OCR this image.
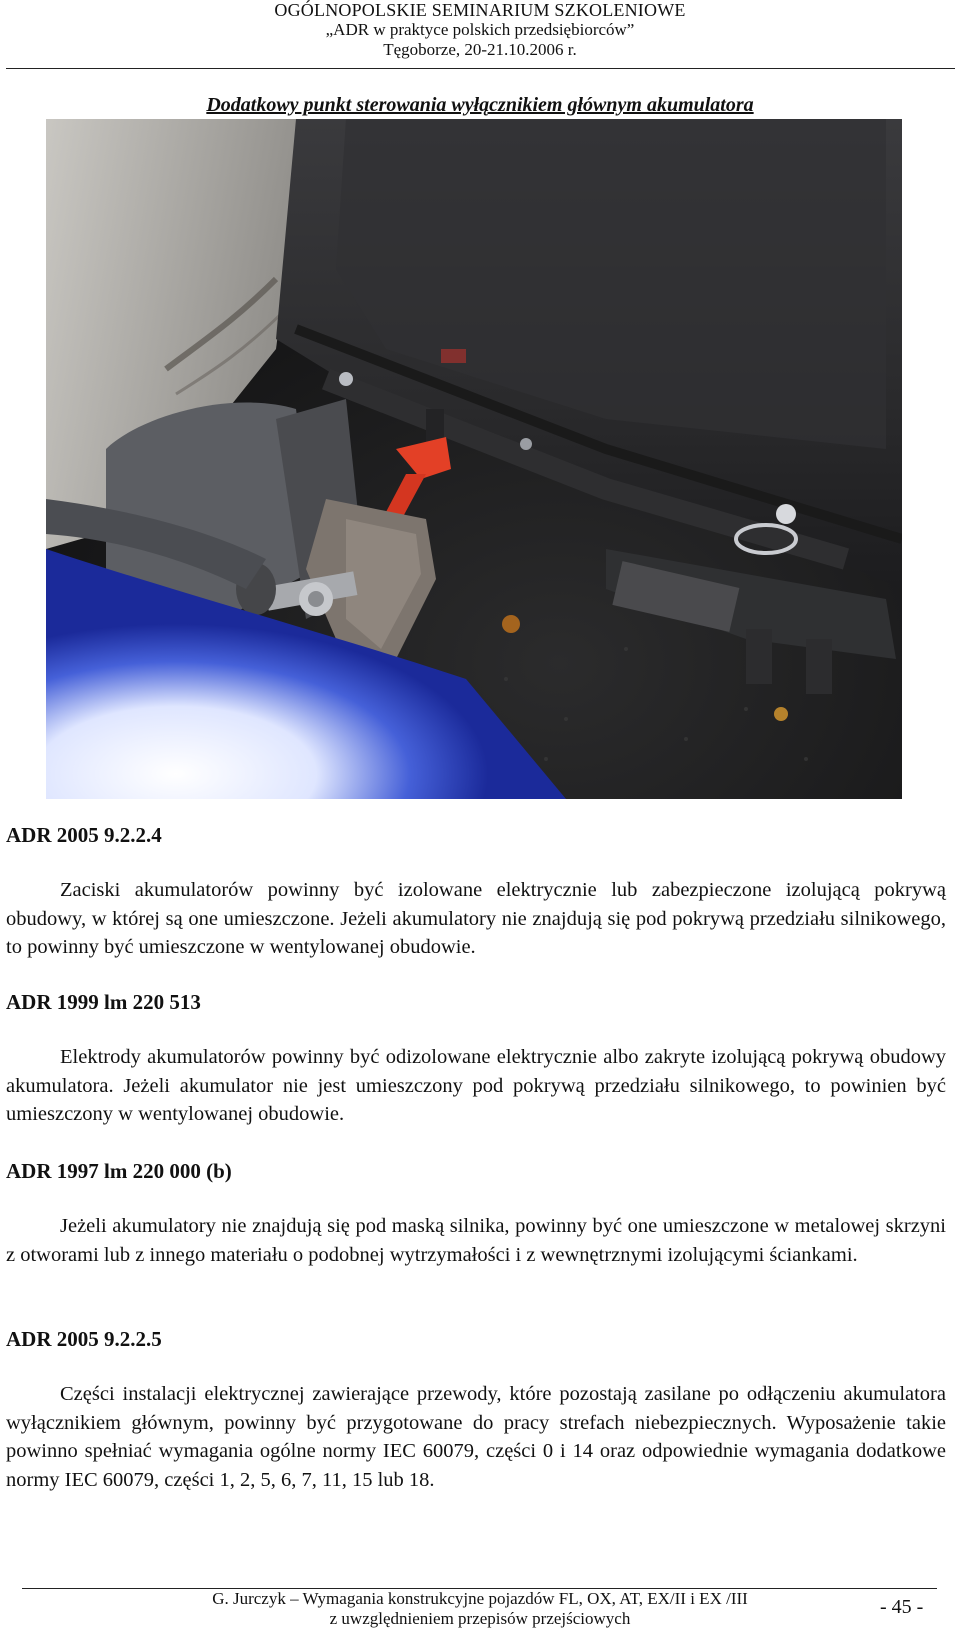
OGÓLNOPOLSKIE SEMINARIUM SZKOLENIOWE
„ADR w praktyce polskich przedsiębiorców”
Tęgoborze, 20-21.10.2006 r.
Dodatkowy punkt sterowania wyłącznikiem głównym akumulatora
ADR 2005 9.2.2.4
Zaciski akumulatorów powinny być izolowane elektrycznie lub zabezpieczone izolującą pokrywą obudowy, w której są one umieszczone. Jeżeli akumulatory nie znajdują się pod pokrywą przedziału silnikowego, to powinny być umieszczone w wentylowanej obudowie.
ADR 1999 lm 220 513
Elektrody akumulatorów powinny być odizolowane elektrycznie albo zakryte izolującą pokrywą obudowy akumulatora. Jeżeli akumulator nie jest umieszczony pod pokrywą przedziału silnikowego, to powinien być umieszczony w wentylowanej obudowie.
ADR 1997 lm 220 000 (b)
Jeżeli akumulatory nie znajdują się pod maską silnika, powinny być one umieszczone w metalowej skrzyni z otworami lub z innego materiału o podobnej wytrzymałości i z wewnętrznymi izolującymi ściankami.
ADR 2005 9.2.2.5
Części instalacji elektrycznej zawierające przewody, które pozostają zasilane po odłączeniu akumulatora wyłącznikiem głównym, powinny być przygotowane do pracy strefach niebezpiecznych. Wyposażenie takie powinno spełniać wymagania ogólne normy IEC 60079, części 0 i 14 oraz odpowiednie wymagania dodatkowe normy IEC 60079, części 1, 2, 5, 6, 7, 11, 15 lub 18.
G. Jurczyk – Wymagania konstrukcyjne pojazdów FL, OX, AT, EX/II i EX /III
z uwzględnieniem przepisów przejściowych
- 45 -
